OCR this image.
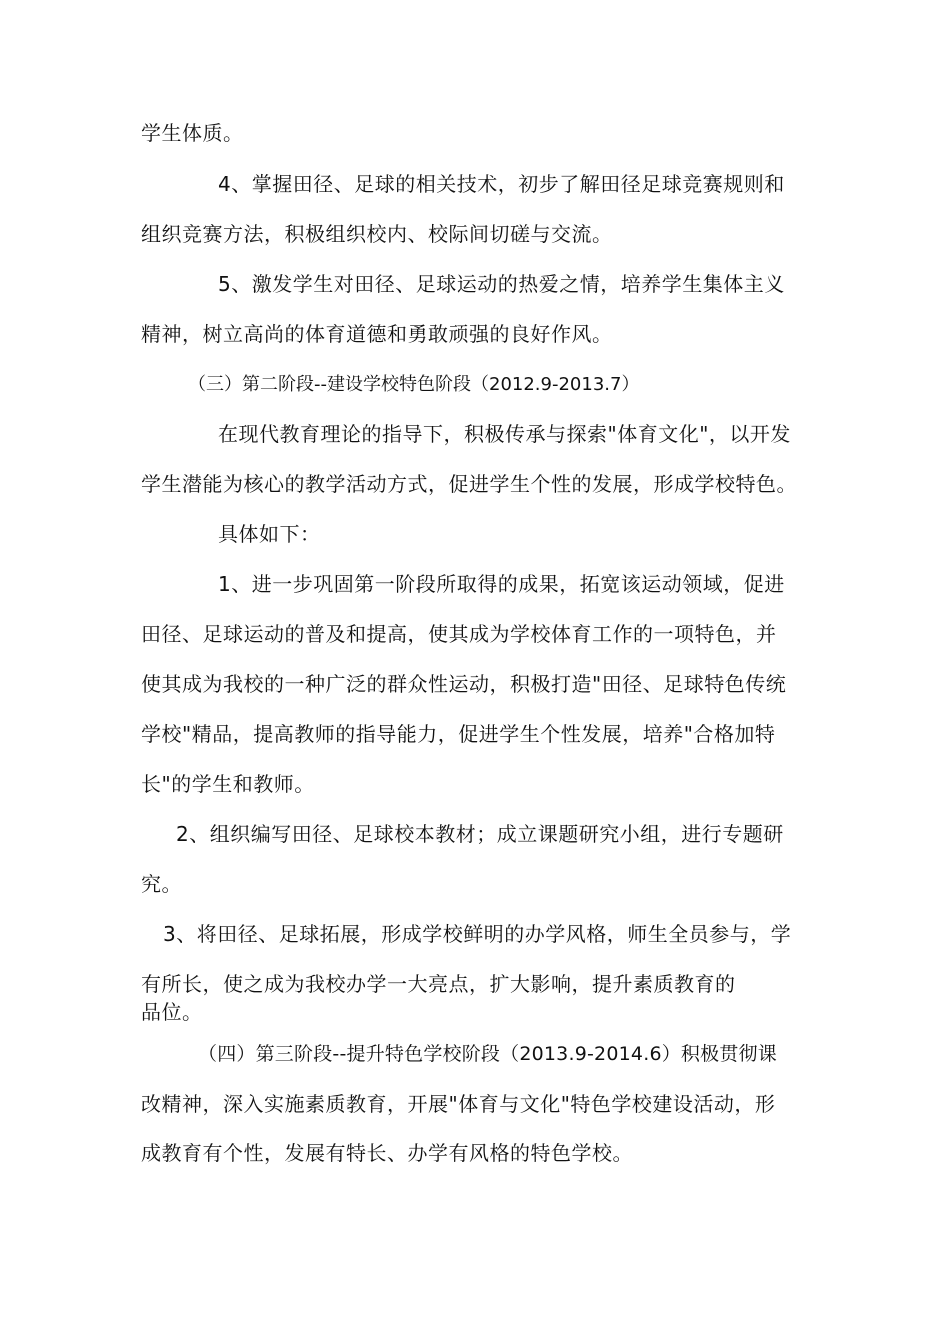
学生体质。
4、掌握田径、足球的相关技术，初步了解田径足球竞赛规则和
组织竞赛方法，积极组织校内、校际间切磋与交流。
5、激发学生对田径、足球运动的热爱之情，培养学生集体主义
精神，树立高尚的体育道德和勇敢顽强的良好作风。
（三）第二阶段--建设学校特色阶段（2012.9-2013.7）
在现代教育理论的指导下，积极传承与探索"体育文化"，以开发
学生潜能为核心的教学活动方式，促进学生个性的发展，形成学校特色。
具体如下：
1、进一步巩固第一阶段所取得的成果，拓宽该运动领域，促进
田径、足球运动的普及和提高，使其成为学校体育工作的一项特色，并
使其成为我校的一种广泛的群众性运动，积极打造"田径、足球特色传统
学校"精品，提高教师的指导能力，促进学生个性发展，培养"合格加特
长"的学生和教师。
2、组织编写田径、足球校本教材；成立课题研究小组，进行专题研
究。
3、将田径、足球拓展，形成学校鲜明的办学风格，师生全员参与，学
有所长，使之成为我校办学一大亮点，扩大影响，提升素质教育的
品位。
（四）第三阶段--提升特色学校阶段（2013.9-2014.6）积极贯彻课
改精神，深入实施素质教育，开展"体育与文化"特色学校建设活动，形
成教育有个性，发展有特长、办学有风格的特色学校。
